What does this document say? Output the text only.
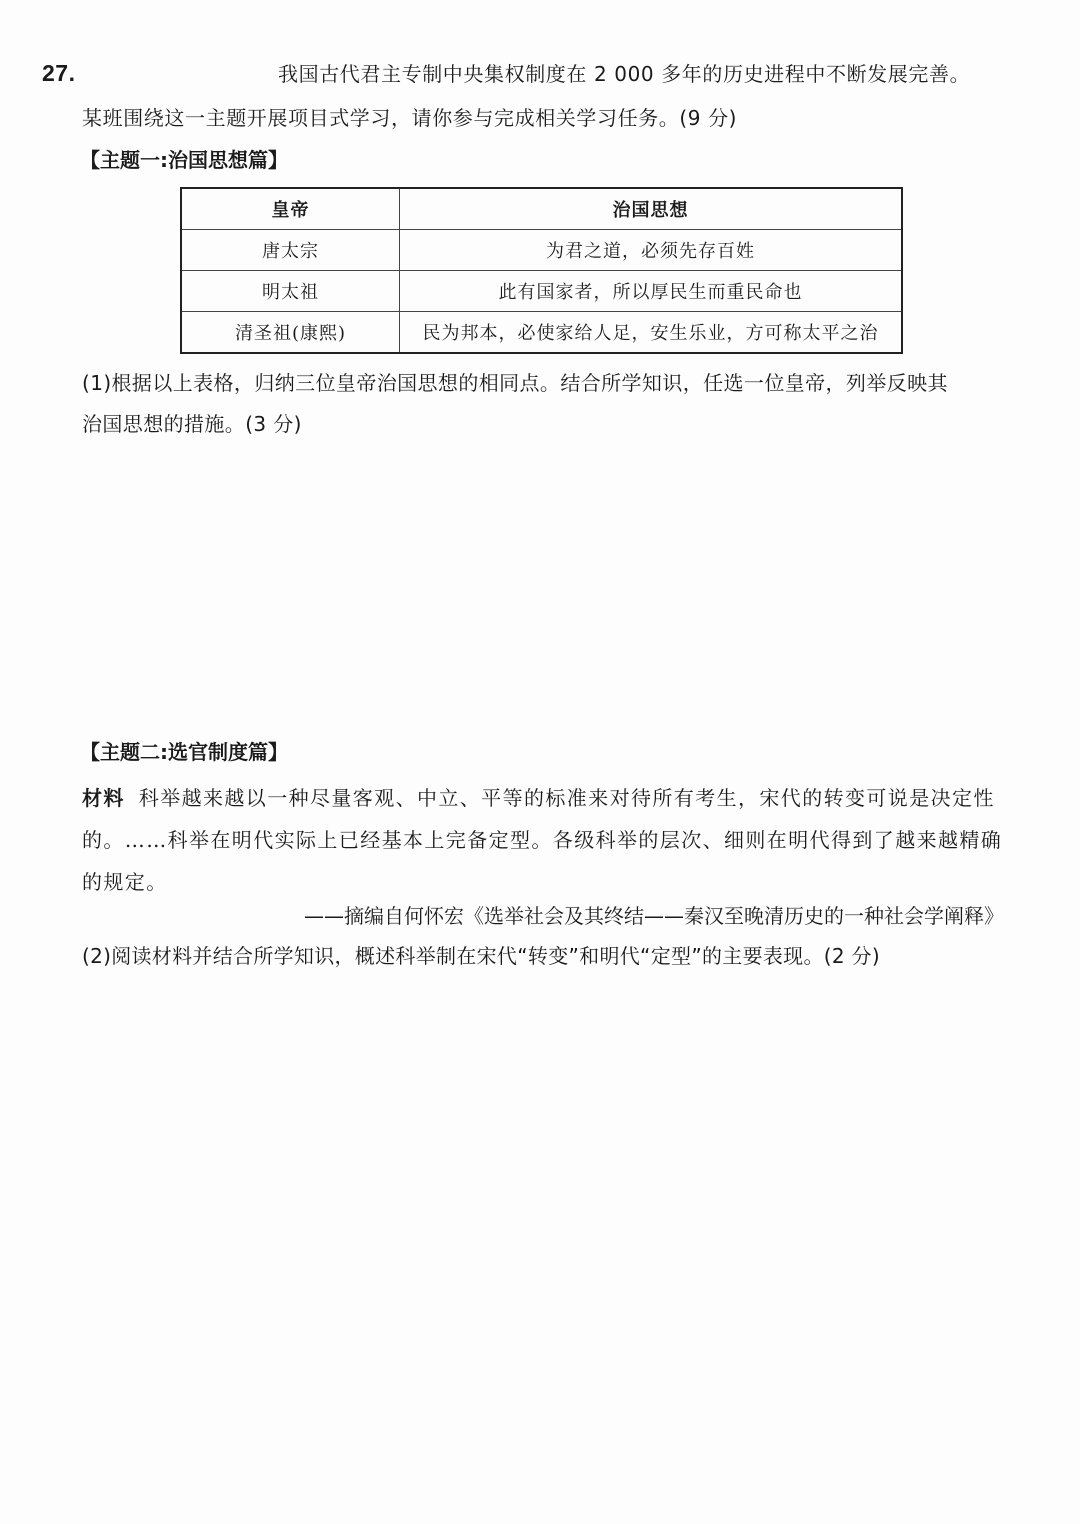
27.	我国古代君主专制中央集权制度在 2 000 多年的历史进程中不断发展完善。
某班围绕这一主题开展项目式学习，请你参与完成相关学习任务。(9 分)
【主题一:治国思想篇】
皇帝	治国思想
唐太宗	为君之道，必须先存百姓
明太祖	此有国家者，所以厚民生而重民命也
清圣祖(康熙)	民为邦本，必使家给人足，安生乐业，方可称太平之治
(1)根据以上表格，归纳三位皇帝治国思想的相同点。结合所学知识，任选一位皇帝，列举反映其
治国思想的措施。(3 分)
【主题二:选官制度篇】
材料 科举越来越以一种尽量客观、中立、平等的标准来对待所有考生，宋代的转变可说是决定性的。……科举在明代实际上已经基本上完备定型。各级科举的层次、细则在明代得到了越来越精确的规定。
——摘编自何怀宏《选举社会及其终结——秦汉至晚清历史的一种社会学阐释》
(2)阅读材料并结合所学知识，概述科举制在宋代“转变”和明代“定型”的主要表现。(2 分)
